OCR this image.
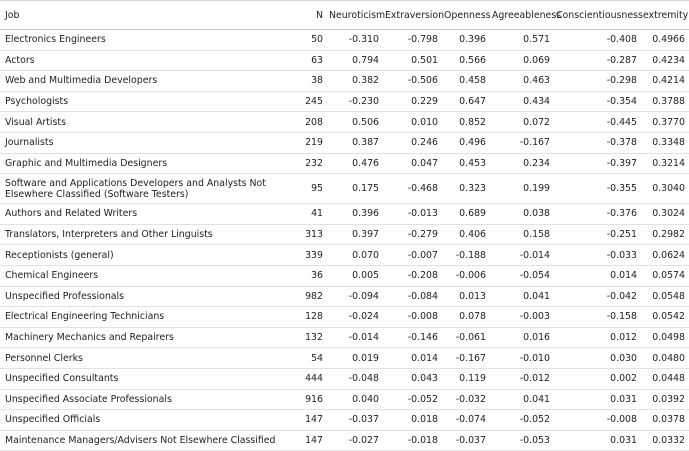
Job	N	Neuroticism	Extraversion	Openness	Agreeableness	Conscientiousness	extremity
Electronics Engineers	50	-0.310	-0.798	0.396	0.571	-0.408	0.4966
Actors	63	0.794	0.501	0.566	0.069	-0.287	0.4234
Web and Multimedia Developers	38	0.382	-0.506	0.458	0.463	-0.298	0.4214
Psychologists	245	-0.230	0.229	0.647	0.434	-0.354	0.3788
Visual Artists	208	0.506	0.010	0.852	0.072	-0.445	0.3770
Journalists	219	0.387	0.246	0.496	-0.167	-0.378	0.3348
Graphic and Multimedia Designers	232	0.476	0.047	0.453	0.234	-0.397	0.3214
Software and Applications Developers and Analysts Not Elsewhere Classified (Software Testers)	95	0.175	-0.468	0.323	0.199	-0.355	0.3040
Authors and Related Writers	41	0.396	-0.013	0.689	0.038	-0.376	0.3024
Translators, Interpreters and Other Linguists	313	0.397	-0.279	0.406	0.158	-0.251	0.2982
Receptionists (general)	339	0.070	-0.007	-0.188	-0.014	-0.033	0.0624
Chemical Engineers	36	0.005	-0.208	-0.006	-0.054	0.014	0.0574
Unspecified Professionals	982	-0.094	-0.084	0.013	0.041	-0.042	0.0548
Electrical Engineering Technicians	128	-0.024	-0.008	0.078	-0.003	-0.158	0.0542
Machinery Mechanics and Repairers	132	-0.014	-0.146	-0.061	0.016	0.012	0.0498
Personnel Clerks	54	0.019	0.014	-0.167	-0.010	0.030	0.0480
Unspecified Consultants	444	-0.048	0.043	0.119	-0.012	0.002	0.0448
Unspecified Associate Professionals	916	0.040	-0.052	-0.032	0.041	0.031	0.0392
Unspecified Officials	147	-0.037	0.018	-0.074	-0.052	-0.008	0.0378
Maintenance Managers/Advisers Not Elsewhere Classified	147	-0.027	-0.018	-0.037	-0.053	0.031	0.0332
